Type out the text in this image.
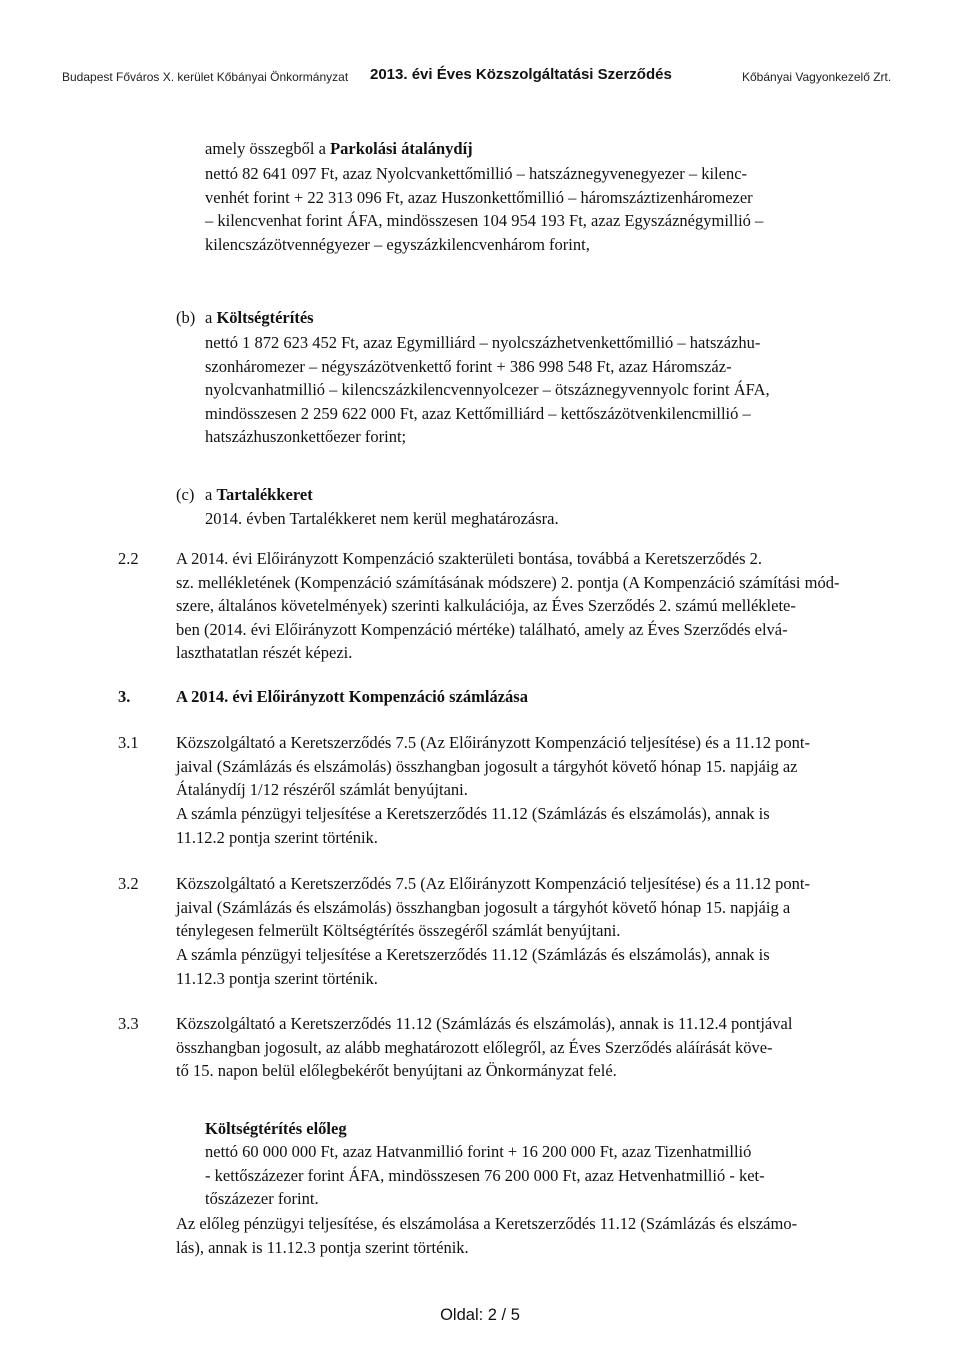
Budapest Főváros X. kerület Kőbányai Önkormányzat 2013. évi Éves Közszolgáltatási Szerződés	Kőbányai Vagyonkezelő Zrt.
amely összegből a Parkolási átalánydíj
nettó 82 641 097 Ft, azaz Nyolcvankettőmillió – hatszáznegyvenegyezer – kilenc-
venhét forint + 22 313 096 Ft, azaz Huszonkettőmillió – háromszáztizenháromezer
– kilencvenhat forint ÁFA, mindösszesen 104 954 193 Ft, azaz Egyszáznégymillió –
kilencszázötvennégyezer – egyszázkilencvenhárom forint,
(b) a Költségtérítés
nettó 1 872 623 452 Ft, azaz Egymilliárd – nyolcszázhetvenkettőmillió – hatszázhu-
szonháromezer – négyszázötvenkettő forint + 386 998 548 Ft, azaz Háromszáz-
nyolcvanhatmillió – kilencszázkilencvennyolcezer – ötszáznegyvennyolc forint ÁFA,
mindösszesen 2 259 622 000 Ft, azaz Kettőmilliárd – kettőszázötvenkilencmillió –
hatszázhuszonkettőezer forint;
(c) a Tartalékkeret
2014. évben Tartalékkeret nem kerül meghatározásra.
2.2 A 2014. évi Előirányzott Kompenzáció szakterületi bontása, továbbá a Keretszerződés 2.
sz. mellékletének (Kompenzáció számításának módszere) 2. pontja (A Kompenzáció számítási mód-
szere, általános követelmények) szerinti kalkulációja, az Éves Szerződés 2. számú melléklete-
ben (2014. évi Előirányzott Kompenzáció mértéke) található, amely az Éves Szerződés elvá-
laszthatatlan részét képezi.
3.	A 2014. évi Előirányzott Kompenzáció számlázása
3.1 Közszolgáltató a Keretszerződés 7.5 (Az Előirányzott Kompenzáció teljesítése) és a 11.12 pont-
jaival (Számlázás és elszámolás) összhangban jogosult a tárgyhót követő hónap 15. napjáig az
Átalánydíj 1/12 részéről számlát benyújtani.
A számla pénzügyi teljesítése a Keretszerződés 11.12 (Számlázás és elszámolás), annak is
11.12.2 pontja szerint történik.
3.2 Közszolgáltató a Keretszerződés 7.5 (Az Előirányzott Kompenzáció teljesítése) és a 11.12 pont-
jaival (Számlázás és elszámolás) összhangban jogosult a tárgyhót követő hónap 15. napjáig a
ténylegesen felmerült Költségtérítés összegéről számlát benyújtani.
A számla pénzügyi teljesítése a Keretszerződés 11.12 (Számlázás és elszámolás), annak is
11.12.3 pontja szerint történik.
3.3 Közszolgáltató a Keretszerződés 11.12 (Számlázás és elszámolás), annak is 11.12.4 pontjával
összhangban jogosult, az alább meghatározott előlegről, az Éves Szerződés aláírását köve-
tő 15. napon belül előlegbekérőt benyújtani az Önkormányzat felé.
Költségtérítés előleg
nettó 60 000 000 Ft, azaz Hatvanmillió forint + 16 200 000 Ft, azaz Tizenhatmillió
- kettőszázezer forint ÁFA, mindösszesen 76 200 000 Ft, azaz Hetvenhatmillió - ket-
tőszázezer forint.
Az előleg pénzügyi teljesítése, és elszámolása a Keretszerződés 11.12 (Számlázás és elszámo-
lás), annak is 11.12.3 pontja szerint történik.
Oldal: 2 / 5
